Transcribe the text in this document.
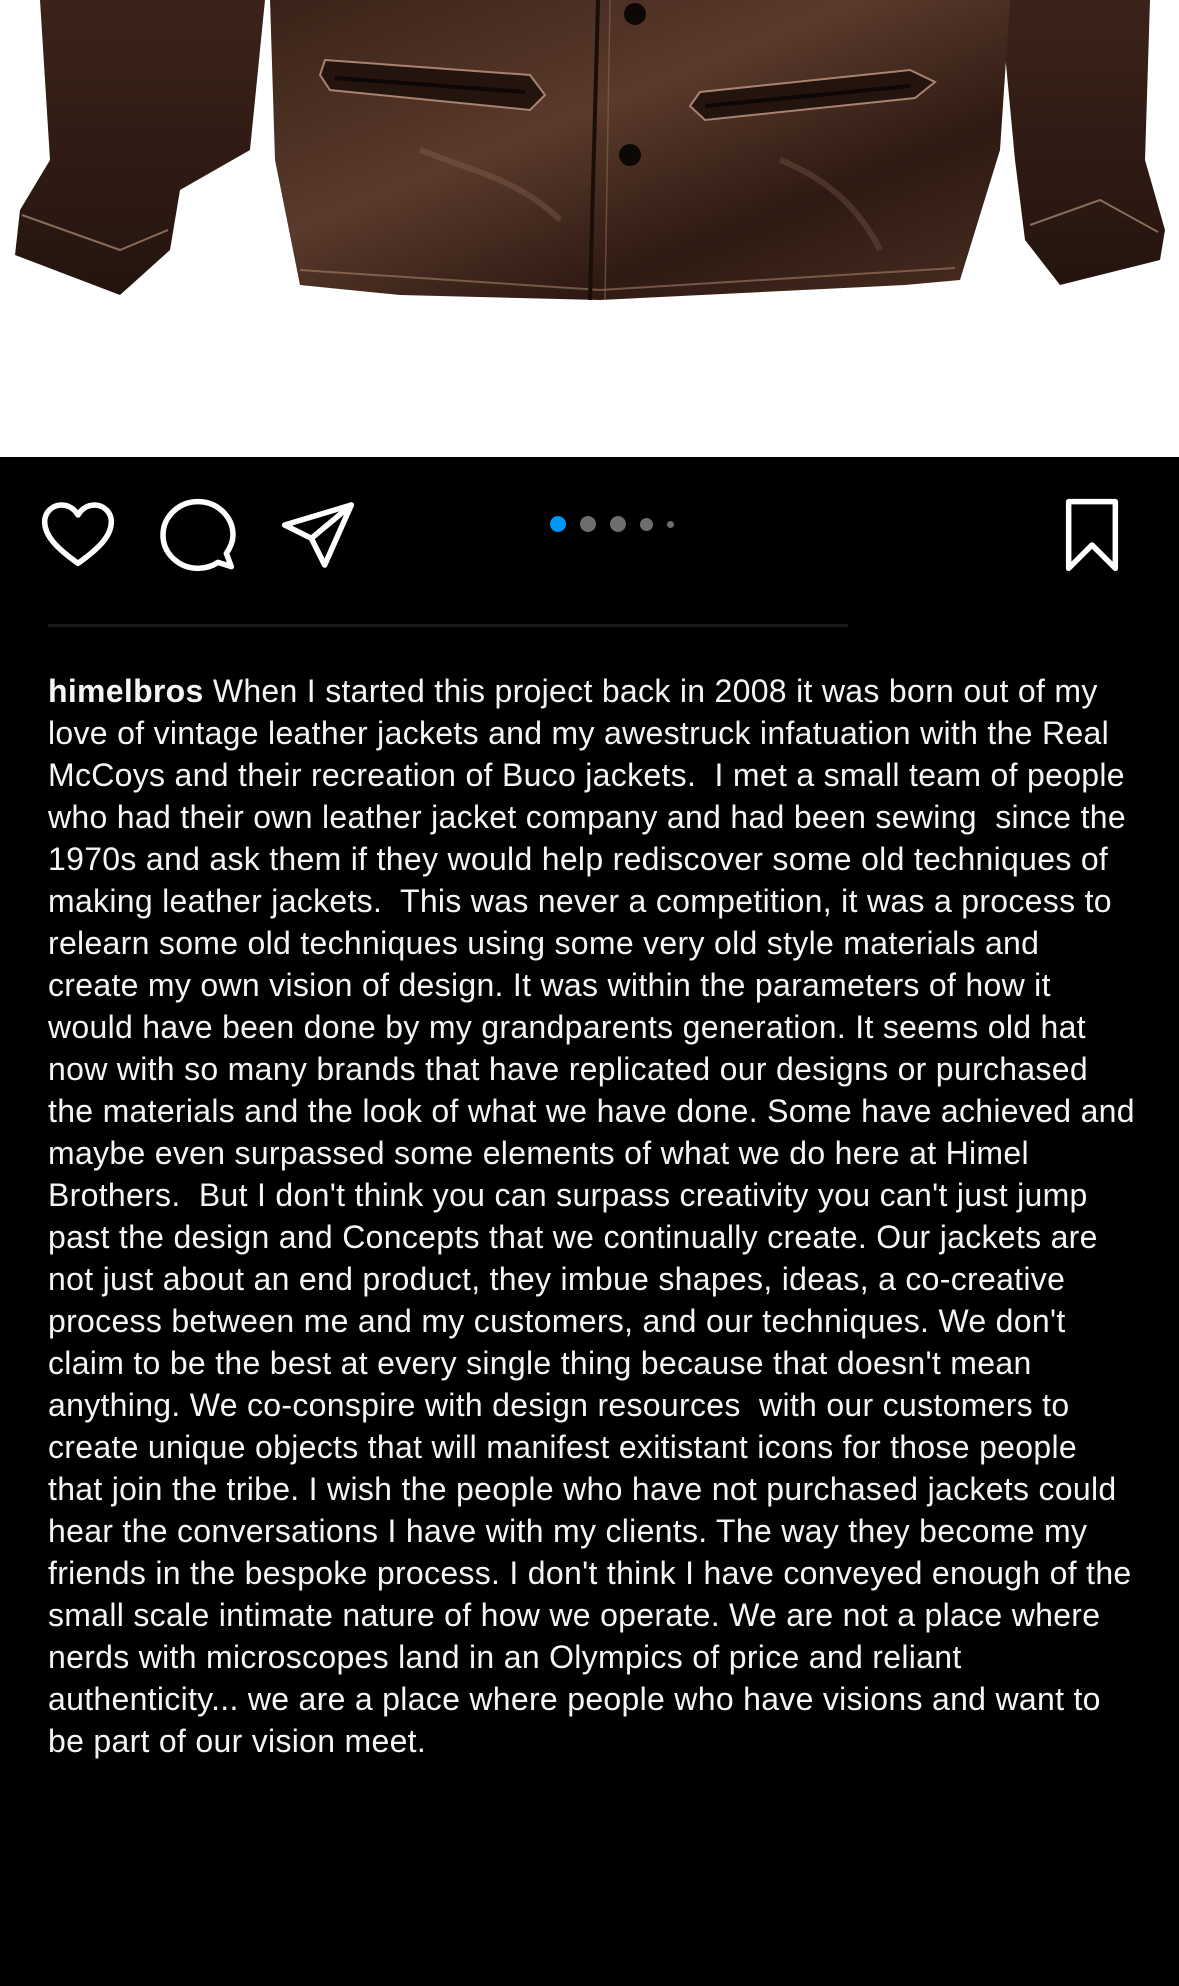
himelbros When I started this project back in 2008 it was born out of my love of vintage leather jackets and my awestruck infatuation with the Real McCoys and their recreation of Buco jackets.  I met a small team of people who had their own leather jacket company and had been sewing  since the 1970s and ask them if they would help rediscover some old techniques of making leather jackets.  This was never a competition, it was a process to relearn some old techniques using some very old style materials and create my own vision of design. It was within the parameters of how it would have been done by my grandparents generation. It seems old hat now with so many brands that have replicated our designs or purchased the materials and the look of what we have done. Some have achieved and maybe even surpassed some elements of what we do here at Himel Brothers.  But I don't think you can surpass creativity you can't just jump past the design and Concepts that we continually create. Our jackets are not just about an end product, they imbue shapes, ideas, a co-creative process between me and my customers, and our techniques. We don't claim to be the best at every single thing because that doesn't mean anything. We co-conspire with design resources  with our customers to create unique objects that will manifest exitistant icons for those people that join the tribe. I wish the people who have not purchased jackets could hear the conversations I have with my clients. The way they become my friends in the bespoke process. I don't think I have conveyed enough of the small scale intimate nature of how we operate. We are not a place where nerds with microscopes land in an Olympics of price and reliant authenticity... we are a place where people who have visions and want to be part of our vision meet.
